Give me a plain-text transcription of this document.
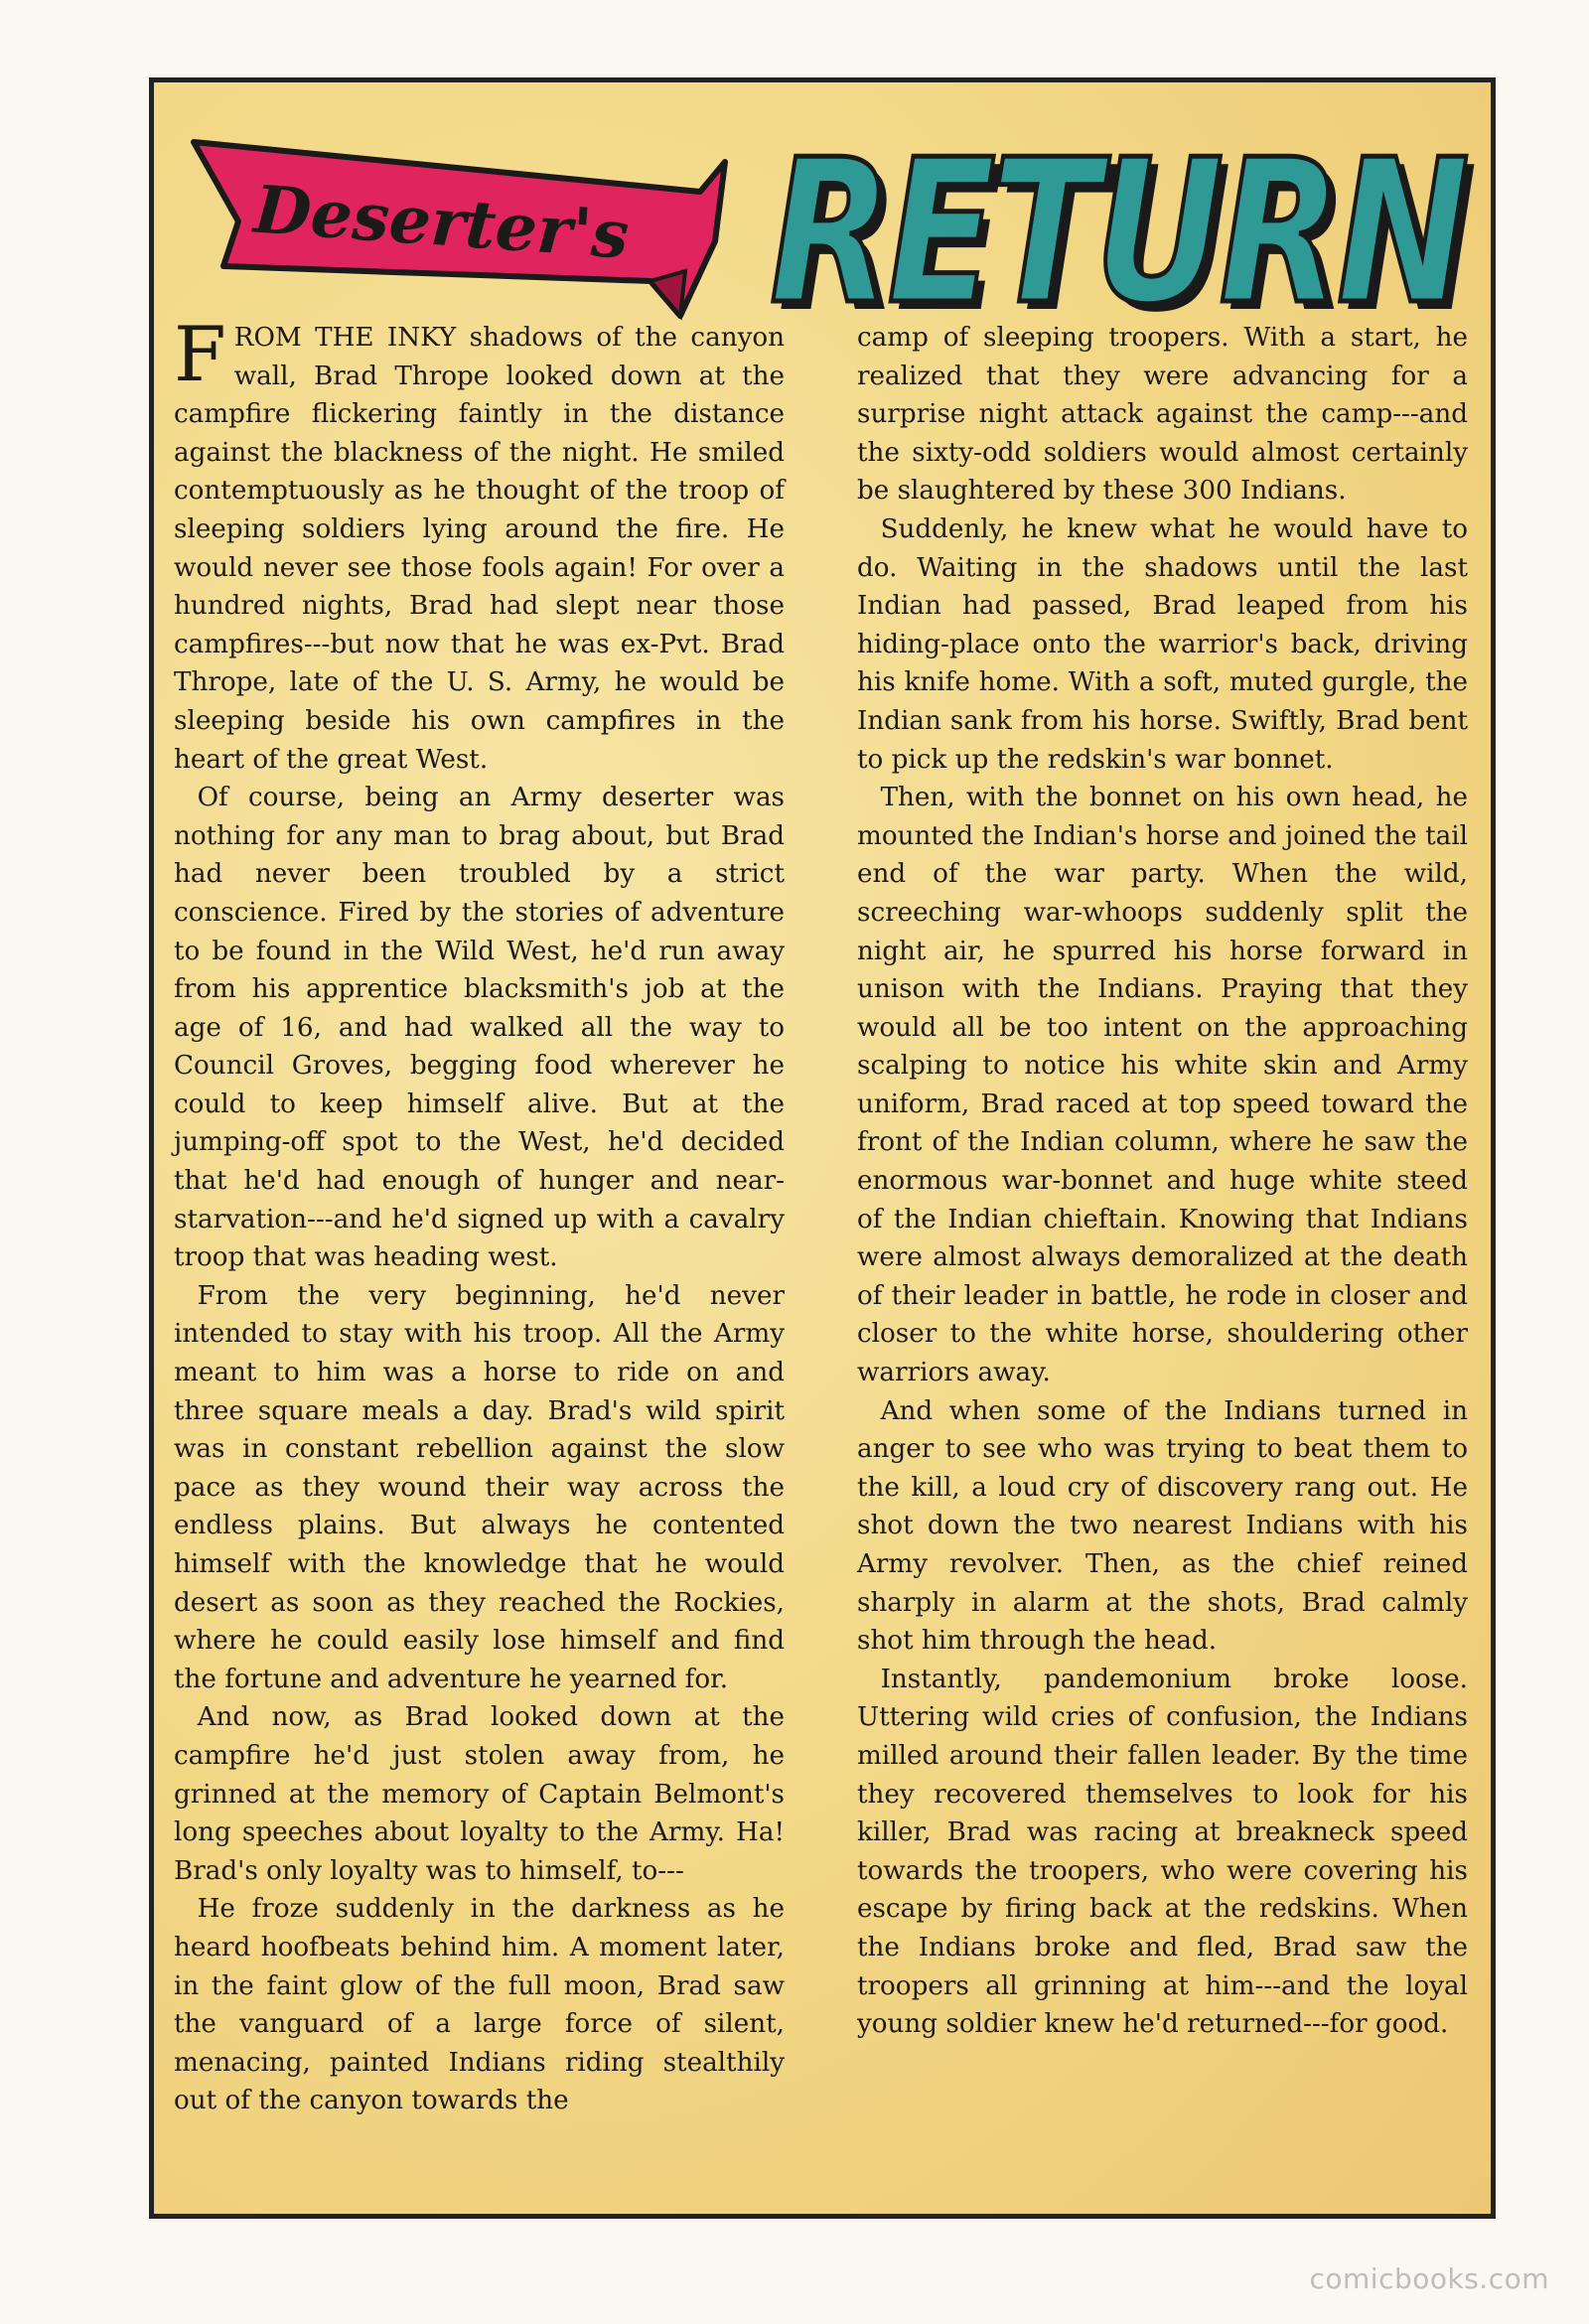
Deserter's RETURN
RETURN

FROM THE INKY shadows of the canyon wall, Brad Thrope looked down at the campfire flickering faintly in the distance against the blackness of the night. He smiled contemptuously as he thought of the troop of sleeping soldiers lying around the fire. He would never see those fools again! For over a hundred nights, Brad had slept near those campfires---but now that he was ex-Pvt. Brad Thrope, late of the U. S. Army, he would be sleeping beside his own campfires in the heart of the great West.

Of course, being an Army deserter was nothing for any man to brag about, but Brad had never been troubled by a strict conscience. Fired by the stories of adventure to be found in the Wild West, he'd run away from his apprentice blacksmith's job at the age of 16, and had walked all the way to Council Groves, begging food wherever he could to keep himself alive. But at the jumping-off spot to the West, he'd decided that he'd had enough of hunger and near-starvation---and he'd signed up with a cavalry troop that was heading west.

From the very beginning, he'd never intended to stay with his troop. All the Army meant to him was a horse to ride on and three square meals a day. Brad's wild spirit was in constant rebellion against the slow pace as they wound their way across the endless plains. But always he contented himself with the knowledge that he would desert as soon as they reached the Rockies, where he could easily lose himself and find the fortune and adventure he yearned for.

And now, as Brad looked down at the campfire he'd just stolen away from, he grinned at the memory of Captain Belmont's long speeches about loyalty to the Army. Ha! Brad's only loyalty was to himself, to---

He froze suddenly in the darkness as he heard hoofbeats behind him. A moment later, in the faint glow of the full moon, Brad saw the vanguard of a large force of silent, menacing, painted Indians riding stealthily out of the canyon towards the

camp of sleeping troopers. With a start, he realized that they were advancing for a surprise night attack against the camp---and the sixty-odd soldiers would almost certainly be slaughtered by these 300 Indians.

Suddenly, he knew what he would have to do. Waiting in the shadows until the last Indian had passed, Brad leaped from his hiding-place onto the warrior's back, driving his knife home. With a soft, muted gurgle, the Indian sank from his horse. Swiftly, Brad bent to pick up the redskin's war bonnet.

Then, with the bonnet on his own head, he mounted the Indian's horse and joined the tail end of the war party. When the wild, screeching war-whoops suddenly split the night air, he spurred his horse forward in unison with the Indians. Praying that they would all be too intent on the approaching scalping to notice his white skin and Army uniform, Brad raced at top speed toward the front of the Indian column, where he saw the enormous war-bonnet and huge white steed of the Indian chieftain. Knowing that Indians were almost always demoralized at the death of their leader in battle, he rode in closer and closer to the white horse, shouldering other warriors away.

And when some of the Indians turned in anger to see who was trying to beat them to the kill, a loud cry of discovery rang out. He shot down the two nearest Indians with his Army revolver. Then, as the chief reined sharply in alarm at the shots, Brad calmly shot him through the head.

Instantly, pandemonium broke loose. Uttering wild cries of confusion, the Indians milled around their fallen leader. By the time they recovered themselves to look for his killer, Brad was racing at breakneck speed towards the troopers, who were covering his escape by firing back at the redskins. When the Indians broke and fled, Brad saw the troopers all grinning at him---and the loyal young soldier knew he'd returned---for good.

comicbooks.com
